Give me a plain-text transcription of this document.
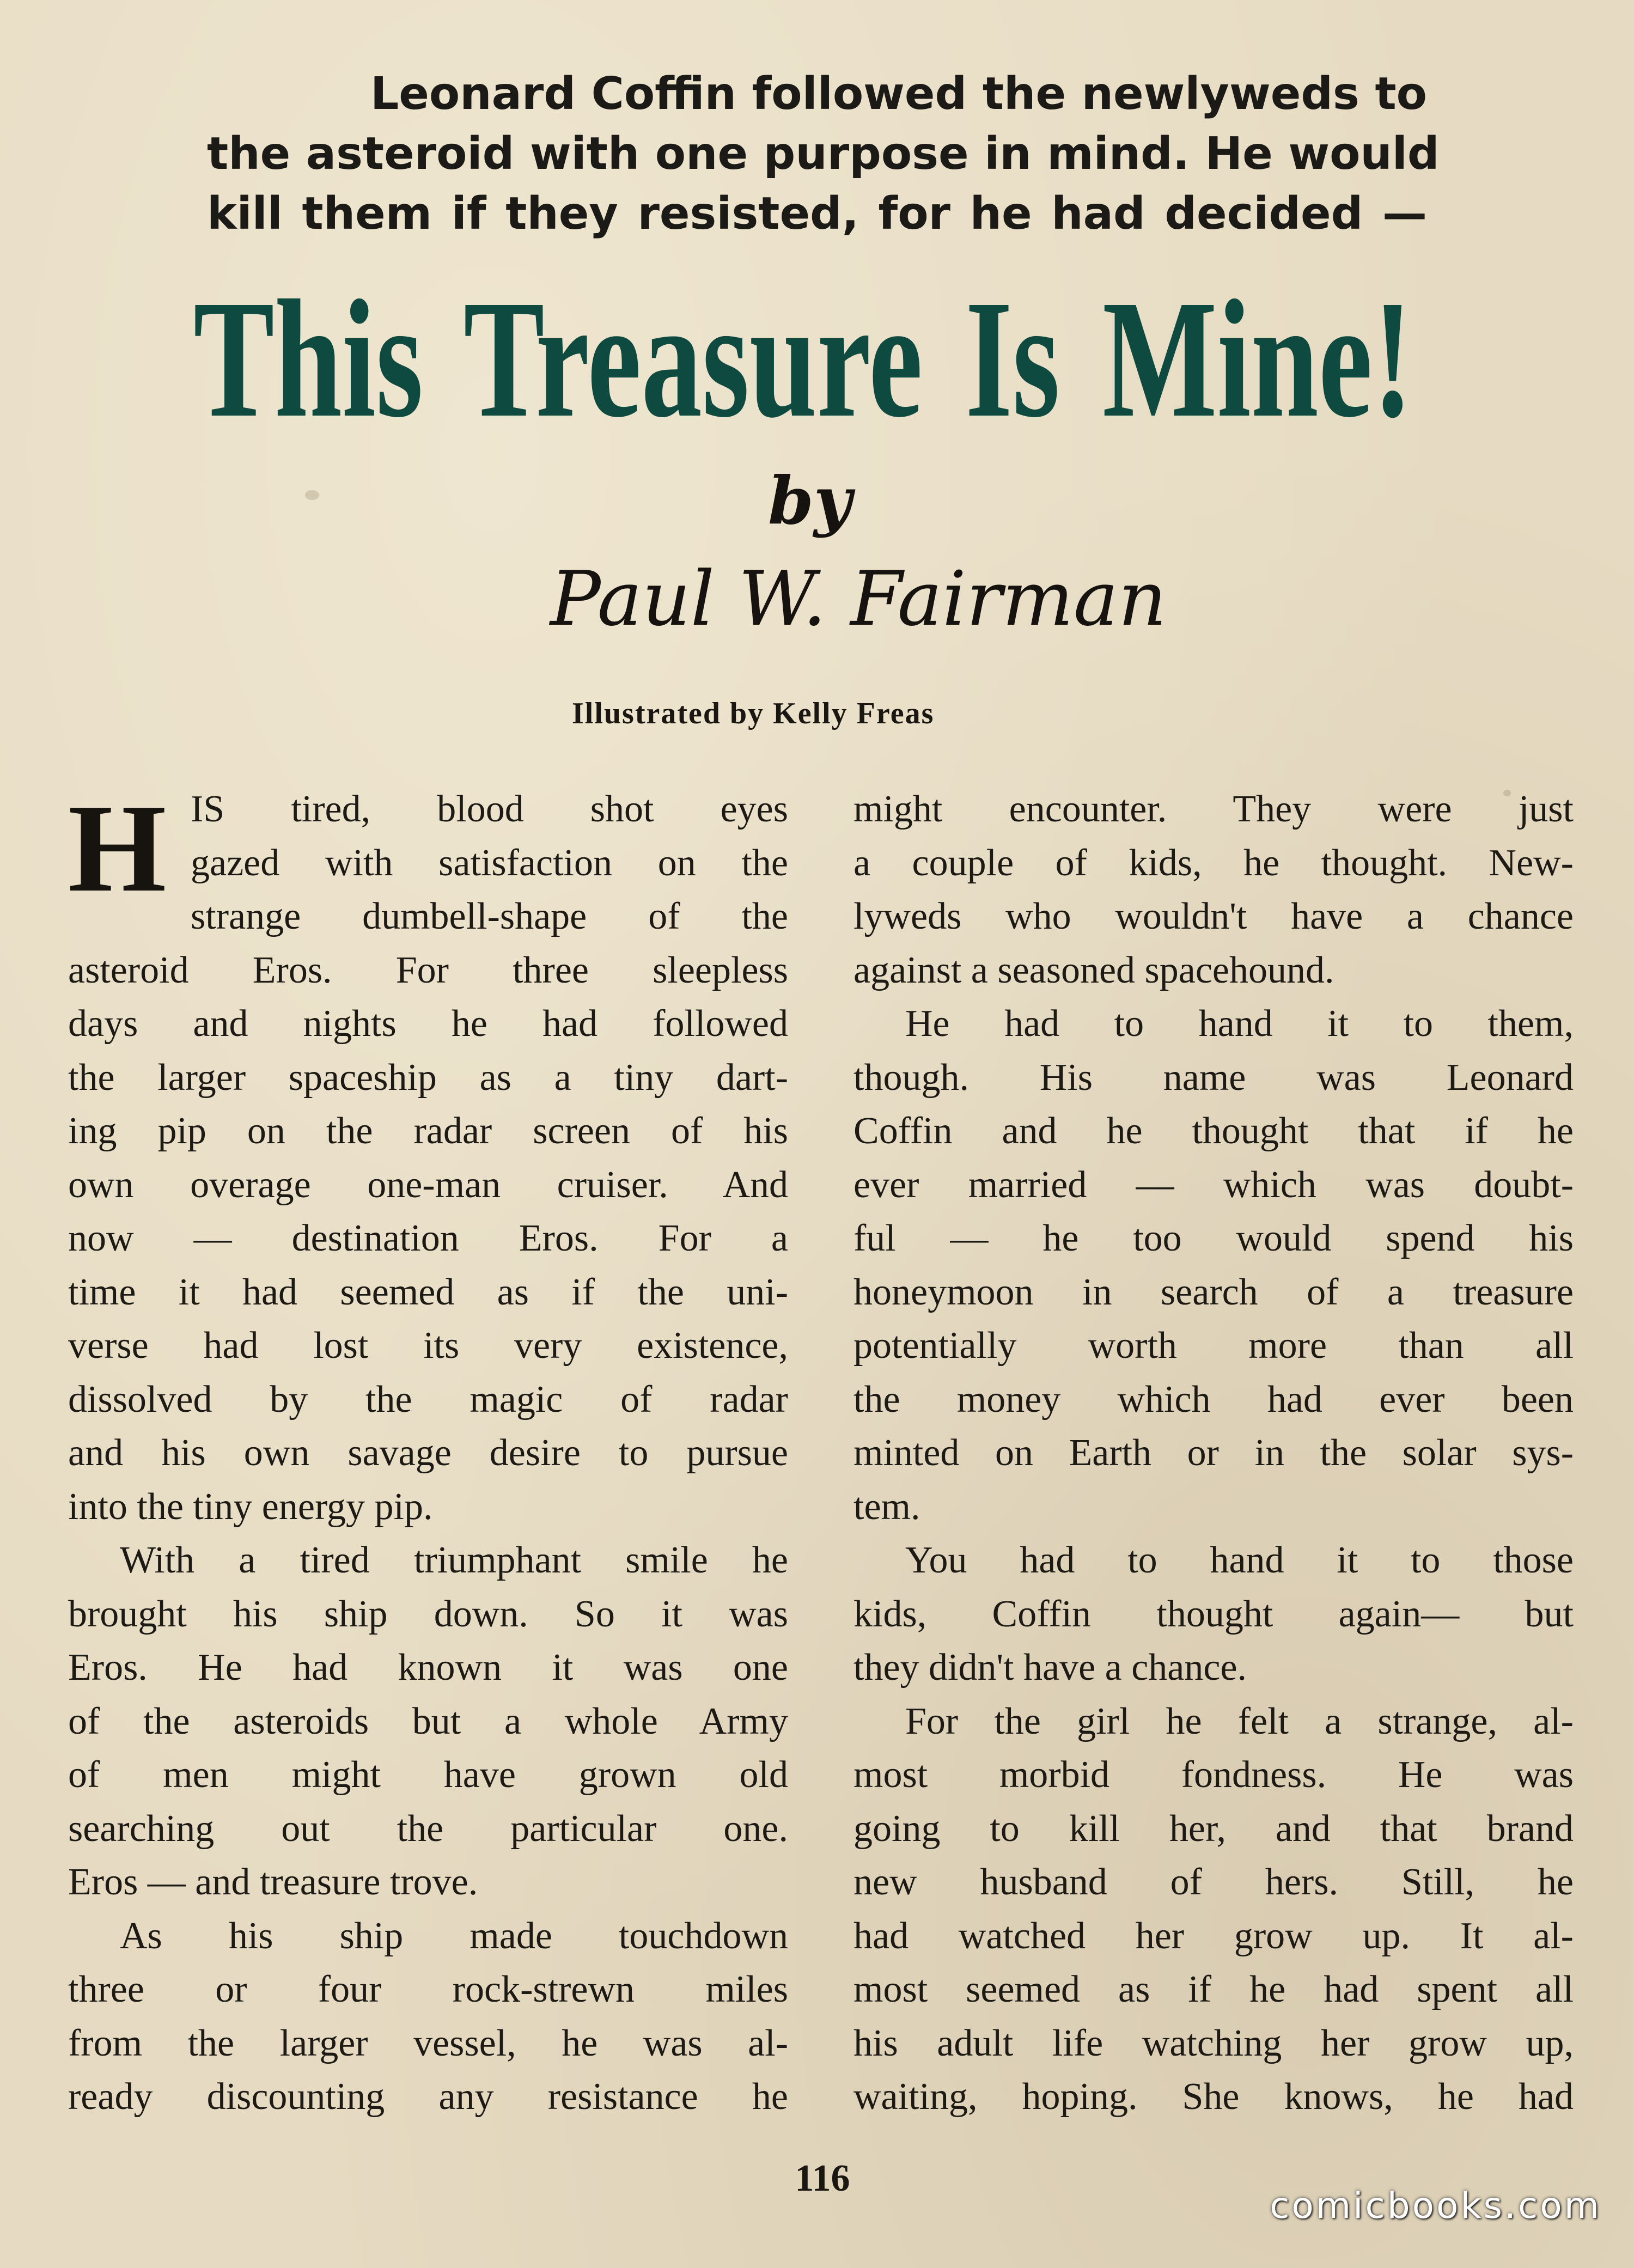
Leonard Coffin followed the newlyweds to
the asteroid with one purpose in mind. He would
kill them if they resisted, for he had decided —
This Treasure Is Mine!
by
Paul W. Fairman
Illustrated by Kelly Freas
H IS tired, blood shot eyes
gazed with satisfaction on the
strange dumbell-shape of the
asteroid Eros. For three sleepless
days and nights he had followed
the larger spaceship as a tiny dart-
ing pip on the radar screen of his
own overage one-man cruiser. And
now — destination Eros. For a
time it had seemed as if the uni-
verse had lost its very existence,
dissolved by the magic of radar
and his own savage desire to pursue
into the tiny energy pip.
With a tired triumphant smile he
brought his ship down. So it was
Eros. He had known it was one
of the asteroids but a whole Army
of men might have grown old
searching out the particular one.
Eros — and treasure trove.
As his ship made touchdown
three or four rock-strewn miles
from the larger vessel, he was al-
ready discounting any resistance he
might encounter. They were just
a couple of kids, he thought. New-
lyweds who wouldn't have a chance
against a seasoned spacehound.
He had to hand it to them,
though. His name was Leonard
Coffin and he thought that if he
ever married — which was doubt-
ful — he too would spend his
honeymoon in search of a treasure
potentially worth more than all
the money which had ever been
minted on Earth or in the solar sys-
tem.
You had to hand it to those
kids, Coffin thought again— but
they didn't have a chance.
For the girl he felt a strange, al-
most morbid fondness. He was
going to kill her, and that brand
new husband of hers. Still, he
had watched her grow up. It al-
most seemed as if he had spent all
his adult life watching her grow up,
waiting, hoping. She knows, he had
116
comicbooks.com
